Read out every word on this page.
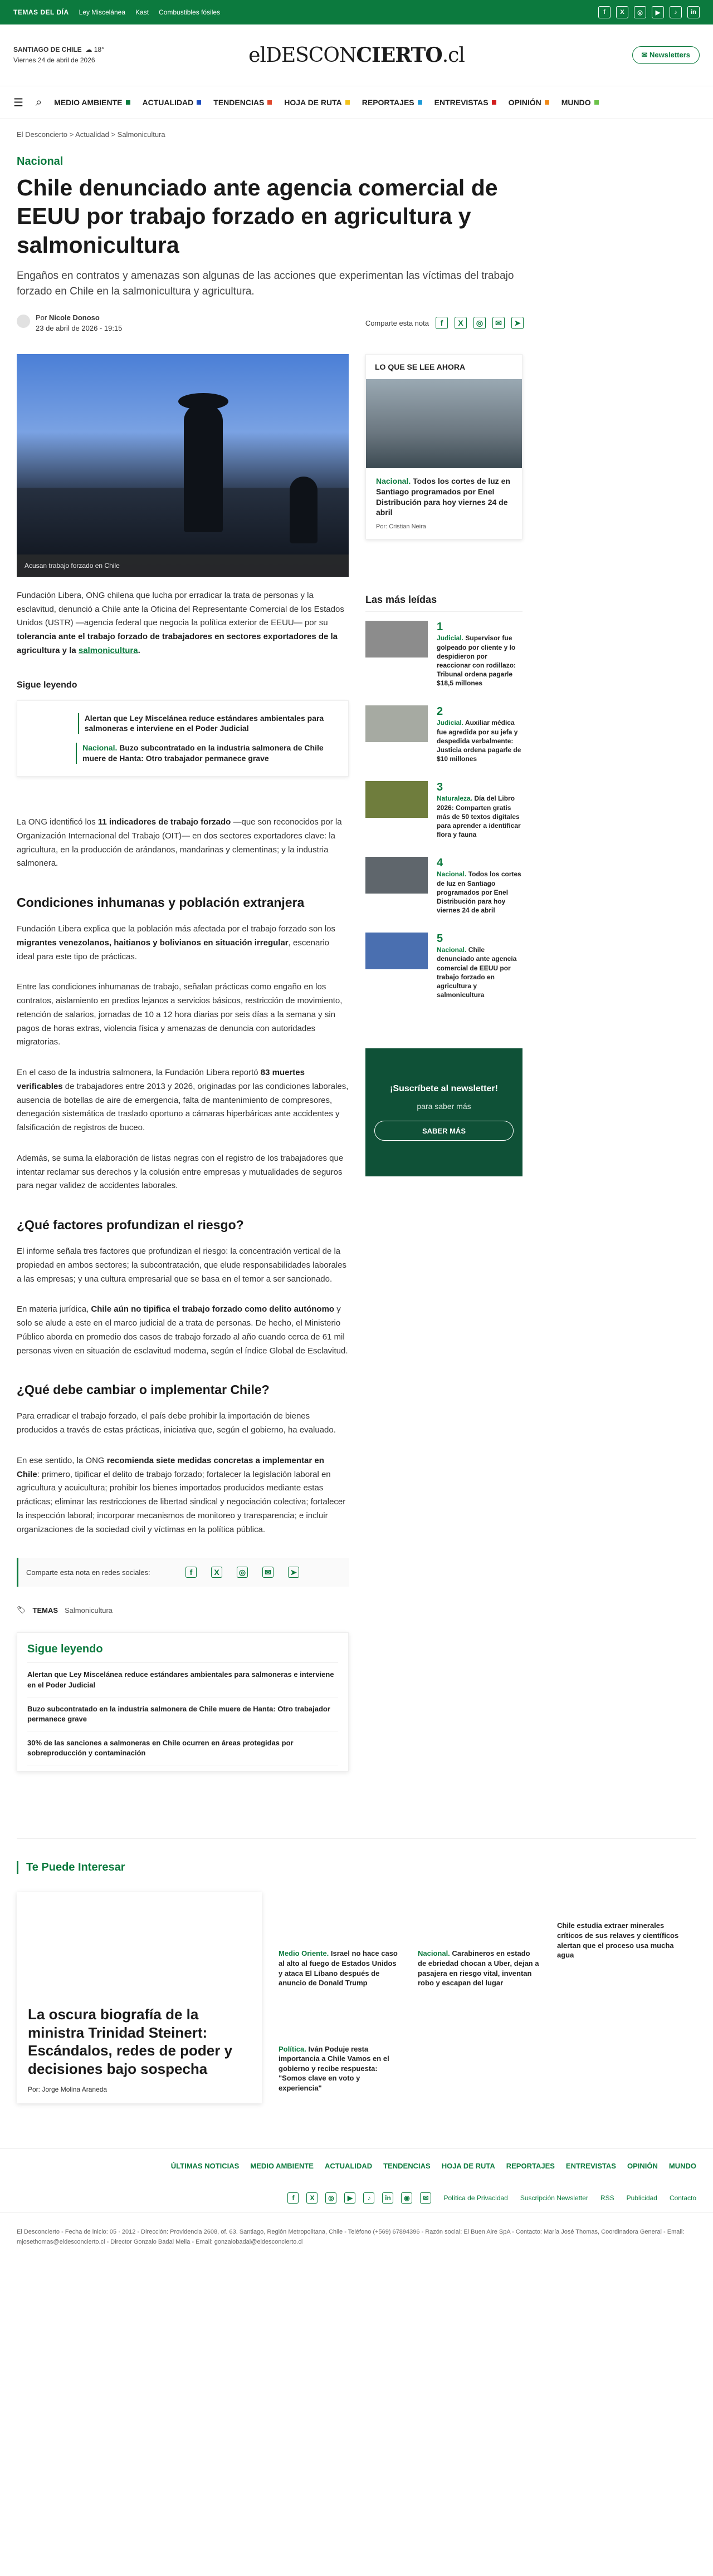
TEMAS DEL DÍA Ley Miscelánea Kast Combustibles fósiles	f	X	◎	▶	♪	in
SANTIAGO DE CHILE ☁ 18°
Viernes 24 de abril de 2026	elDESCONCIERTO.cl	✉ Newsletters
☰ ⌕ MEDIO AMBIENTE	ACTUALIDAD	TENDENCIAS	HOJA DE RUTA	REPORTAJES	ENTREVISTAS	OPINIÓN	MUNDO
El Desconcierto > Actualidad > Salmonicultura
Nacional
Chile denunciado ante agencia comercial de EEUU por trabajo forzado en agricultura y salmonicultura
Engaños en contratos y amenazas son algunas de las acciones que experimentan las víctimas del trabajo forzado en Chile en la salmonicultura y agricultura.
Por Nicole Donoso
23 de abril de 2026 - 19:15
Comparte esta nota	f	X	◎	✉	➤
Acusan trabajo forzado en Chile

Fundación Libera, ONG chilena que lucha por erradicar la trata de personas y la esclavitud, denunció a Chile ante la Oficina del Representante Comercial de los Estados Unidos (USTR) —agencia federal que negocia la política exterior de EEUU— por su tolerancia ante el trabajo forzado de trabajadores en sectores exportadores de la agricultura y la salmonicultura.

Sigue leyendo
Alertan que Ley Miscelánea reduce estándares ambientales para salmoneras e interviene en el Poder Judicial
Nacional. Buzo subcontratado en la industria salmonera de Chile muere de Hanta: Otro trabajador permanece grave

La ONG identificó los 11 indicadores de trabajo forzado —que son reconocidos por la Organización Internacional del Trabajo (OIT)— en dos sectores exportadores clave: la agricultura, en la producción de arándanos, mandarinas y clementinas; y la industria salmonera.

Condiciones inhumanas y población extranjera

Fundación Libera explica que la población más afectada por el trabajo forzado son los migrantes venezolanos, haitianos y bolivianos en situación irregular, escenario ideal para este tipo de prácticas.

Entre las condiciones inhumanas de trabajo, señalan prácticas como engaño en los contratos, aislamiento en predios lejanos a servicios básicos, restricción de movimiento, retención de salarios, jornadas de 10 a 12 hora diarias por seis días a la semana y sin pagos de horas extras, violencia física y amenazas de denuncia con autoridades migratorias.

En el caso de la industria salmonera, la Fundación Libera reportó 83 muertes verificables de trabajadores entre 2013 y 2026, originadas por las condiciones laborales, ausencia de botellas de aire de emergencia, falta de mantenimiento de compresores, denegación sistemática de traslado oportuno a cámaras hiperbáricas ante accidentes y falsificación de registros de buceo.

Además, se suma la elaboración de listas negras con el registro de los trabajadores que intentar reclamar sus derechos y la colusión entre empresas y mutualidades de seguros para negar validez de accidentes laborales.

¿Qué factores profundizan el riesgo?

El informe señala tres factores que profundizan el riesgo: la concentración vertical de la propiedad en ambos sectores; la subcontratación, que elude responsabilidades laborales a las empresas; y una cultura empresarial que se basa en el temor a ser sancionado.

En materia jurídica, Chile aún no tipifica el trabajo forzado como delito autónomo y solo se alude a este en el marco judicial de a trata de personas. De hecho, el Ministerio Público aborda en promedio dos casos de trabajo forzado al año cuando cerca de 61 mil personas viven en situación de esclavitud moderna, según el índice Global de Esclavitud.

¿Qué debe cambiar o implementar Chile?

Para erradicar el trabajo forzado, el país debe prohibir la importación de bienes producidos a través de estas prácticas, iniciativa que, según el gobierno, ha evaluado.

En ese sentido, la ONG recomienda siete medidas concretas a implementar en Chile: primero, tipificar el delito de trabajo forzado; fortalecer la legislación laboral en agricultura y acuicultura; prohibir los bienes importados producidos mediante estas prácticas; eliminar las restricciones de libertad sindical y negociación colectiva; fortalecer la inspección laboral; incorporar mecanismos de monitoreo y transparencia; e incluir organizaciones de la sociedad civil y víctimas en la política pública.

Comparte esta nota en redes sociales:	f	X	◎ ✉ ➤
🏷 TEMAS Salmonicultura
Sigue leyendo
Alertan que Ley Miscelánea reduce estándares ambientales para salmoneras e interviene en el Poder Judicial
Buzo subcontratado en la industria salmonera de Chile muere de Hanta: Otro trabajador permanece grave
30% de las sanciones a salmoneras en Chile ocurren en áreas protegidas por sobreproducción y contaminación
LO QUE SE LEE AHORA
Nacional. Todos los cortes de luz en Santiago programados por Enel Distribución para hoy viernes 24 de abril
Por: Cristian Neira
Las más leídas
1
Judicial. Supervisor fue golpeado por cliente y lo despidieron por reaccionar con rodillazo: Tribunal ordena pagarle $18,5 millones
2
Judicial. Auxiliar médica fue agredida por su jefa y despedida verbalmente: Justicia ordena pagarle de $10 millones
3
Naturaleza. Día del Libro 2026: Comparten gratis más de 50 textos digitales para aprender a identificar flora y fauna
4
Nacional. Todos los cortes de luz en Santiago programados por Enel Distribución para hoy viernes 24 de abril
5
Nacional. Chile denunciado ante agencia comercial de EEUU por trabajo forzado en agricultura y salmonicultura
¡Suscríbete al newsletter!
para saber más
SABER MÁS
Te Puede Interesar
La oscura biografía de la ministra Trinidad Steinert: Escándalos, redes de poder y decisiones bajo sospecha
Por: Jorge Molina Araneda
Medio Oriente. Israel no hace caso al alto al fuego de Estados Unidos y ataca El Líbano después de anuncio de Donald Trump
Nacional. Carabineros en estado de ebriedad chocan a Uber, dejan a pasajera en riesgo vital, inventan robo y escapan del lugar
Chile estudia extraer minerales críticos de sus relaves y científicos alertan que el proceso usa mucha agua
Política. Iván Poduje resta importancia a Chile Vamos en el gobierno y recibe respuesta: "Somos clave en voto y experiencia"
ÚLTIMAS NOTICIAS MEDIO AMBIENTE ACTUALIDAD TENDENCIAS HOJA DE RUTA REPORTAJES ENTREVISTAS OPINIÓN MUNDO
f	X	◎	▶	♪	in	◉	✉	Política de Privacidad Suscripción Newsletter RSS Publicidad Contacto
El Desconcierto - Fecha de inicio: 05 · 2012 - Dirección: Providencia 2608, of. 63. Santiago, Región Metropolitana, Chile - Teléfono (+569) 67894396 - Razón social: El Buen Aire SpA - Contacto: María José Thomas, Coordinadora General - Email: mjosethomas@eldesconcierto.cl - Director Gonzalo Badal Mella - Email: gonzalobadal@eldesconcierto.cl
